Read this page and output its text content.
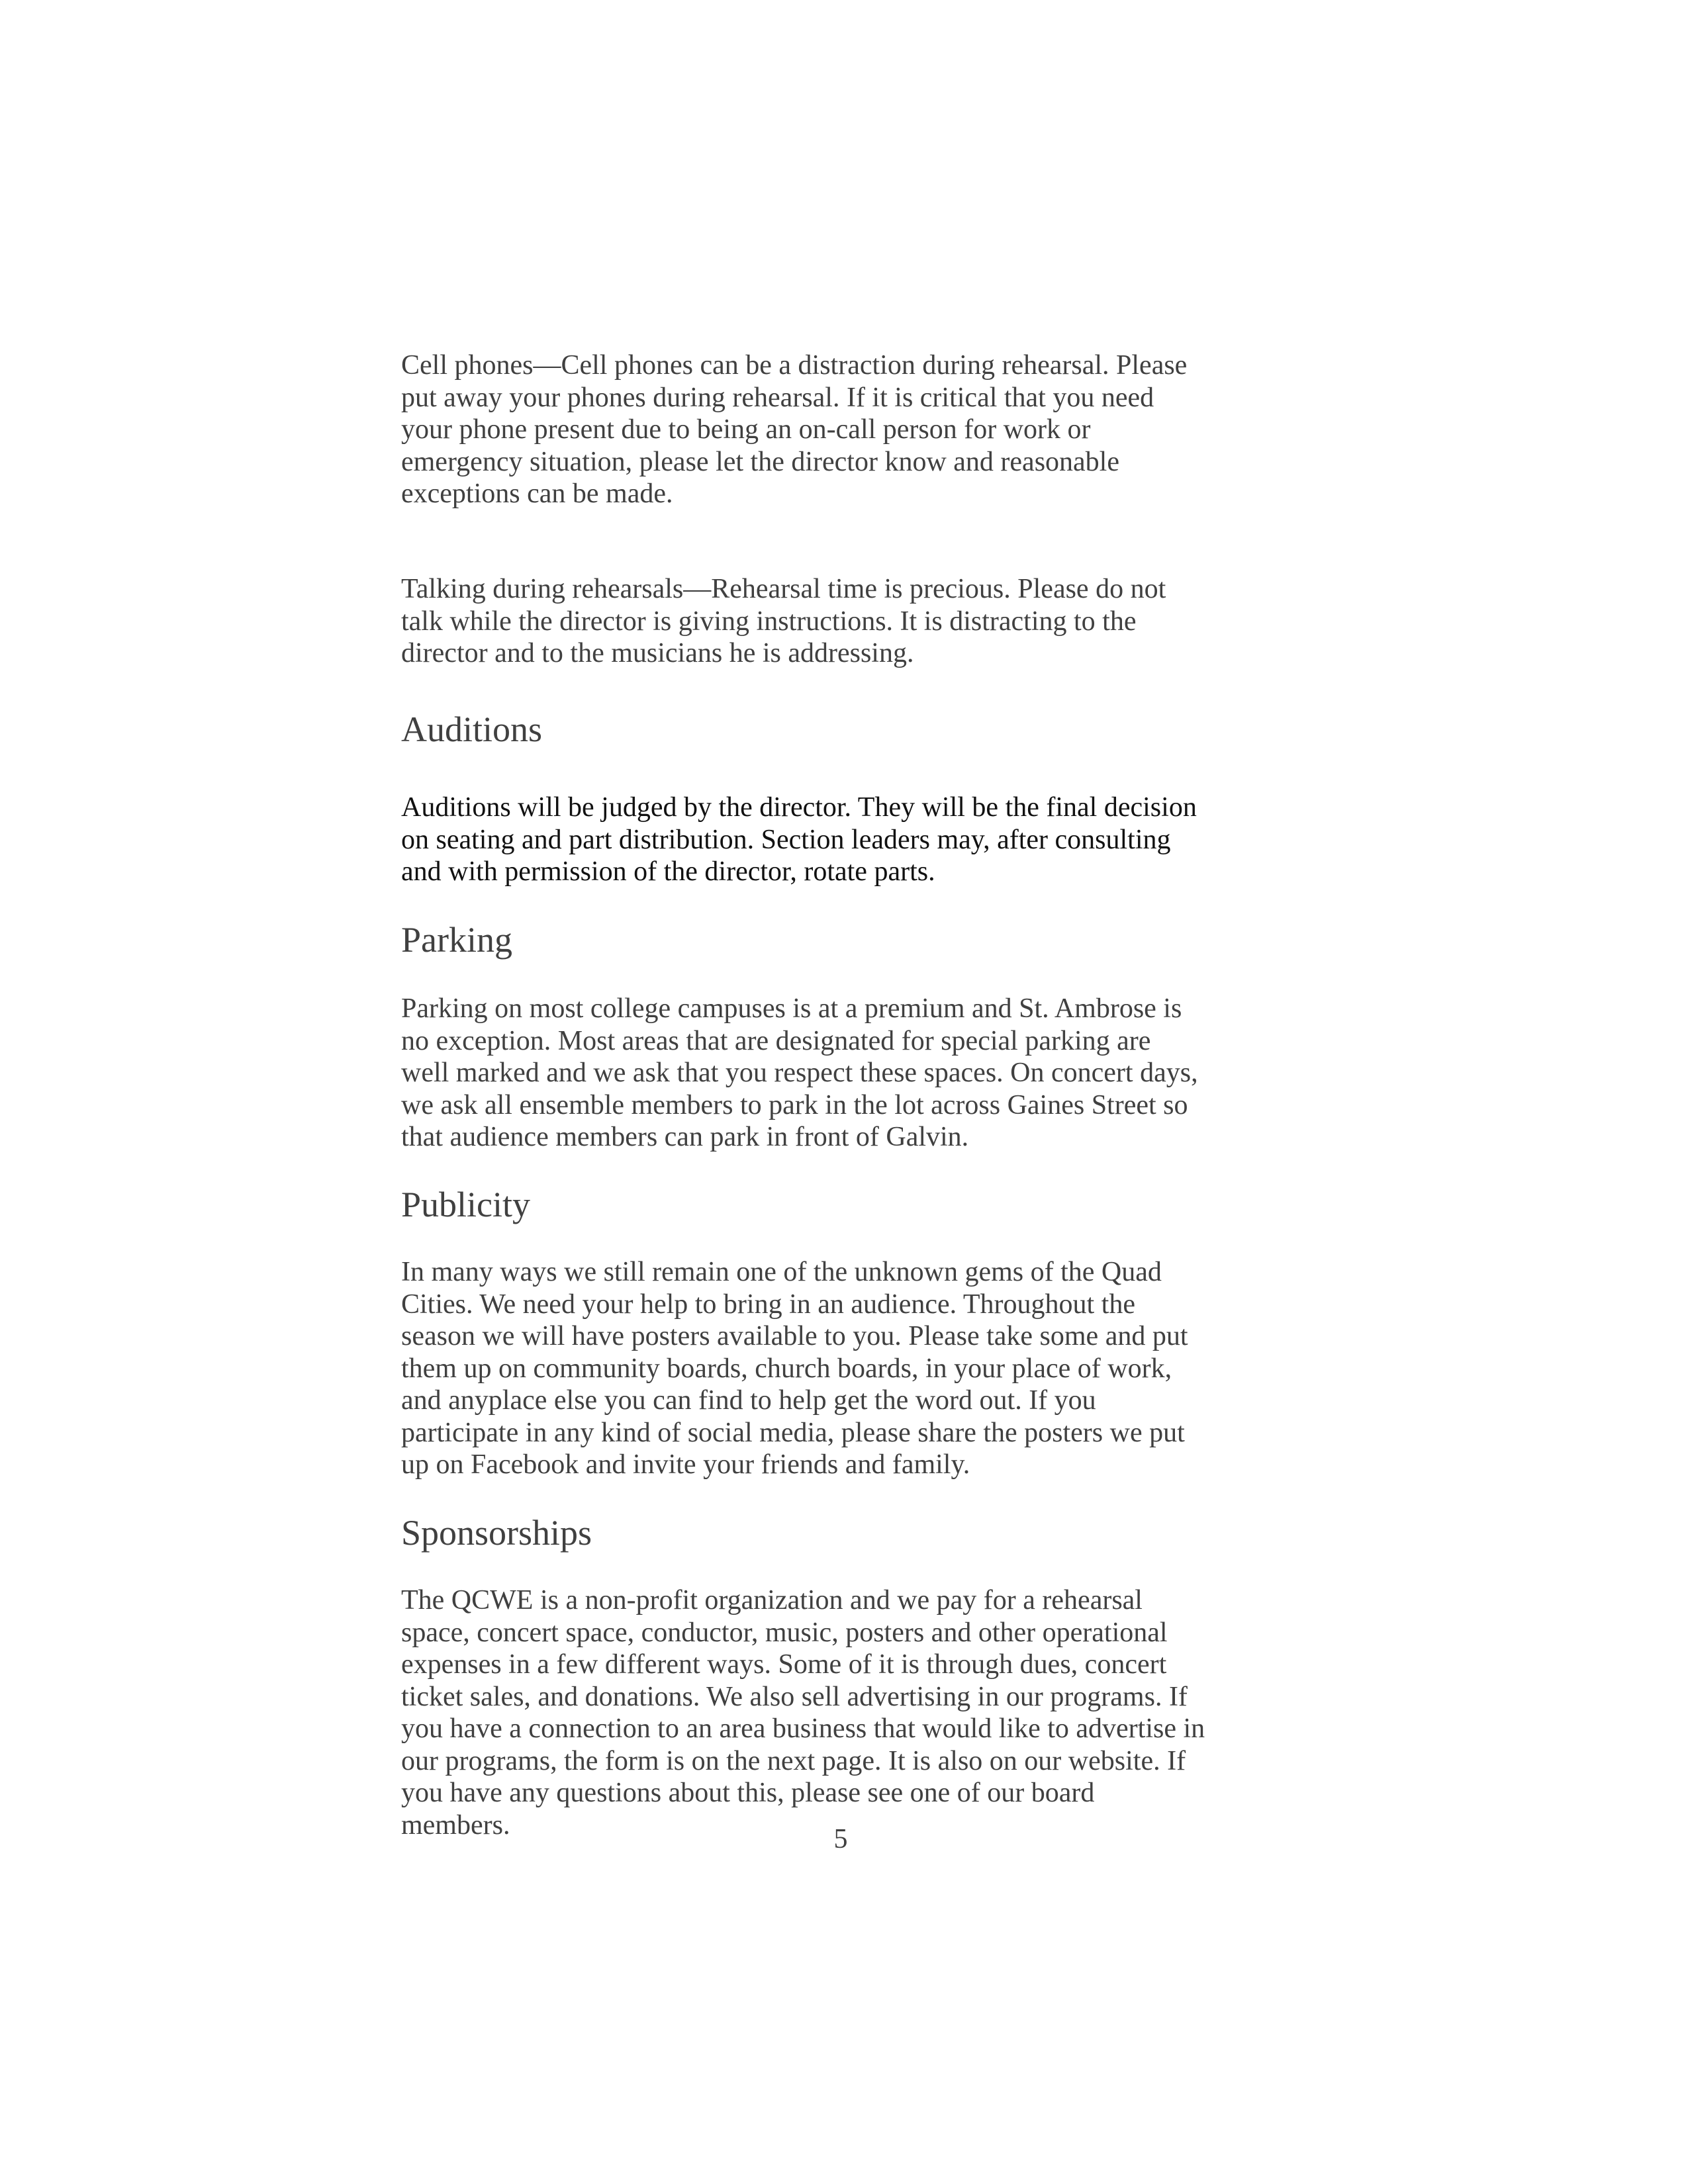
Cell phones—Cell phones can be a distraction during rehearsal. Please
put away your phones during rehearsal. If it is critical that you need
your phone present due to being an on-call person for work or
emergency situation, please let the director know and reasonable
exceptions can be made.

Talking during rehearsals—Rehearsal time is precious. Please do not
talk while the director is giving instructions. It is distracting to the
director and to the musicians he is addressing.

Auditions

Auditions will be judged by the director. They will be the final decision
on seating and part distribution. Section leaders may, after consulting
and with permission of the director, rotate parts.

Parking

Parking on most college campuses is at a premium and St. Ambrose is
no exception. Most areas that are designated for special parking are
well marked and we ask that you respect these spaces. On concert days,
we ask all ensemble members to park in the lot across Gaines Street so
that audience members can park in front of Galvin.

Publicity

In many ways we still remain one of the unknown gems of the Quad
Cities. We need your help to bring in an audience. Throughout the
season we will have posters available to you. Please take some and put
them up on community boards, church boards, in your place of work,
and anyplace else you can find to help get the word out. If you
participate in any kind of social media, please share the posters we put
up on Facebook and invite your friends and family.

Sponsorships

The QCWE is a non-profit organization and we pay for a rehearsal
space, concert space, conductor, music, posters and other operational
expenses in a few different ways. Some of it is through dues, concert
ticket sales, and donations. We also sell advertising in our programs. If
you have a connection to an area business that would like to advertise in
our programs, the form is on the next page. It is also on our website. If
you have any questions about this, please see one of our board
members.	5
